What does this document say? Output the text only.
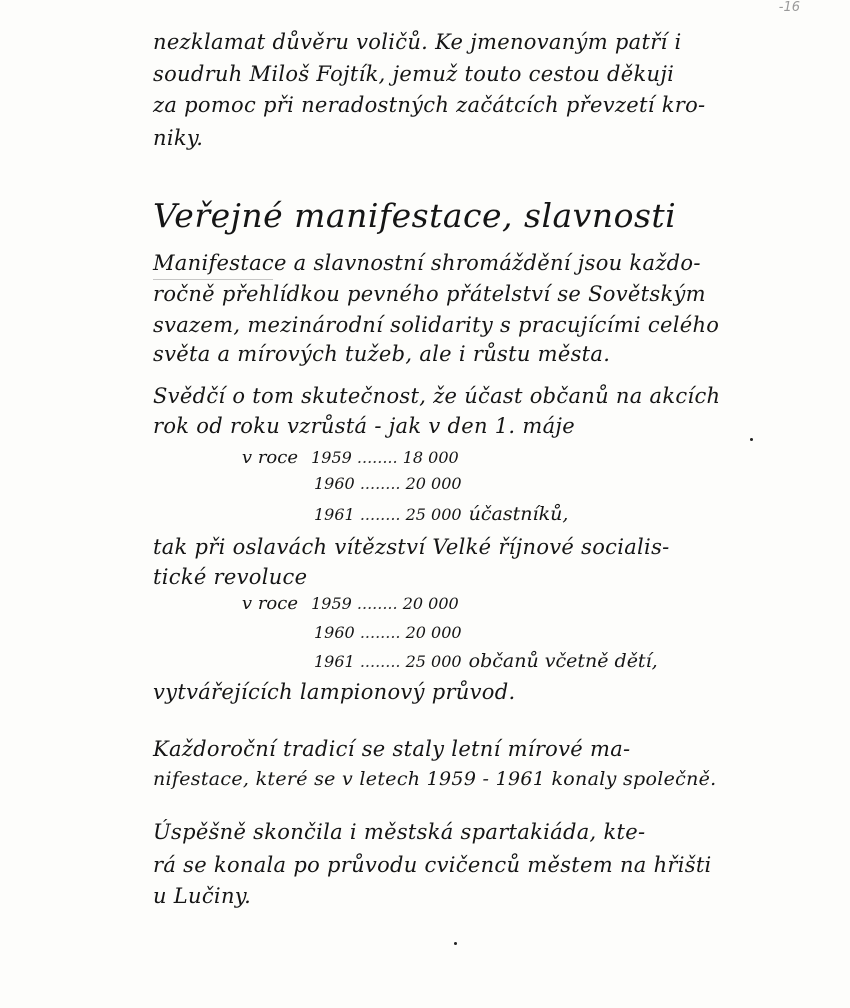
-16
nezklamat důvěru voličů. Ke jmenovaným patří i
soudruh Miloš Fojtík, jemuž touto cestou děkuji
za pomoc při neradostných začátcích převzetí kro-
niky.
Veřejné manifestace, slavnosti
Manifestace a slavnostní shromáždění jsou každo-
ročně přehlídkou pevného přátelství se Sovětským
svazem, mezinárodní solidarity s pracujícími celého
světa a mírových tužeb, ale i růstu města.
Svědčí o tom skutečnost, že účast občanů na akcích
rok od roku vzrůstá - jak v den 1. máje
v roce 1959 ........ 18 000
1960 ........ 20 000
1961 ........ 25 000 účastníků,
tak při oslavách vítězství Velké říjnové socialis-
tické revoluce
v roce 1959 ........ 20 000
1960 ........ 20 000
1961 ........ 25 000 občanů včetně dětí,
vytvářejících lampionový průvod.
Každoroční tradicí se staly letní mírové ma-
nifestace, které se v letech 1959 - 1961 konaly společně.
Úspěšně skončila i městská spartakiáda, kte-
rá se konala po průvodu cvičenců městem na hřišti
u Lučiny.
